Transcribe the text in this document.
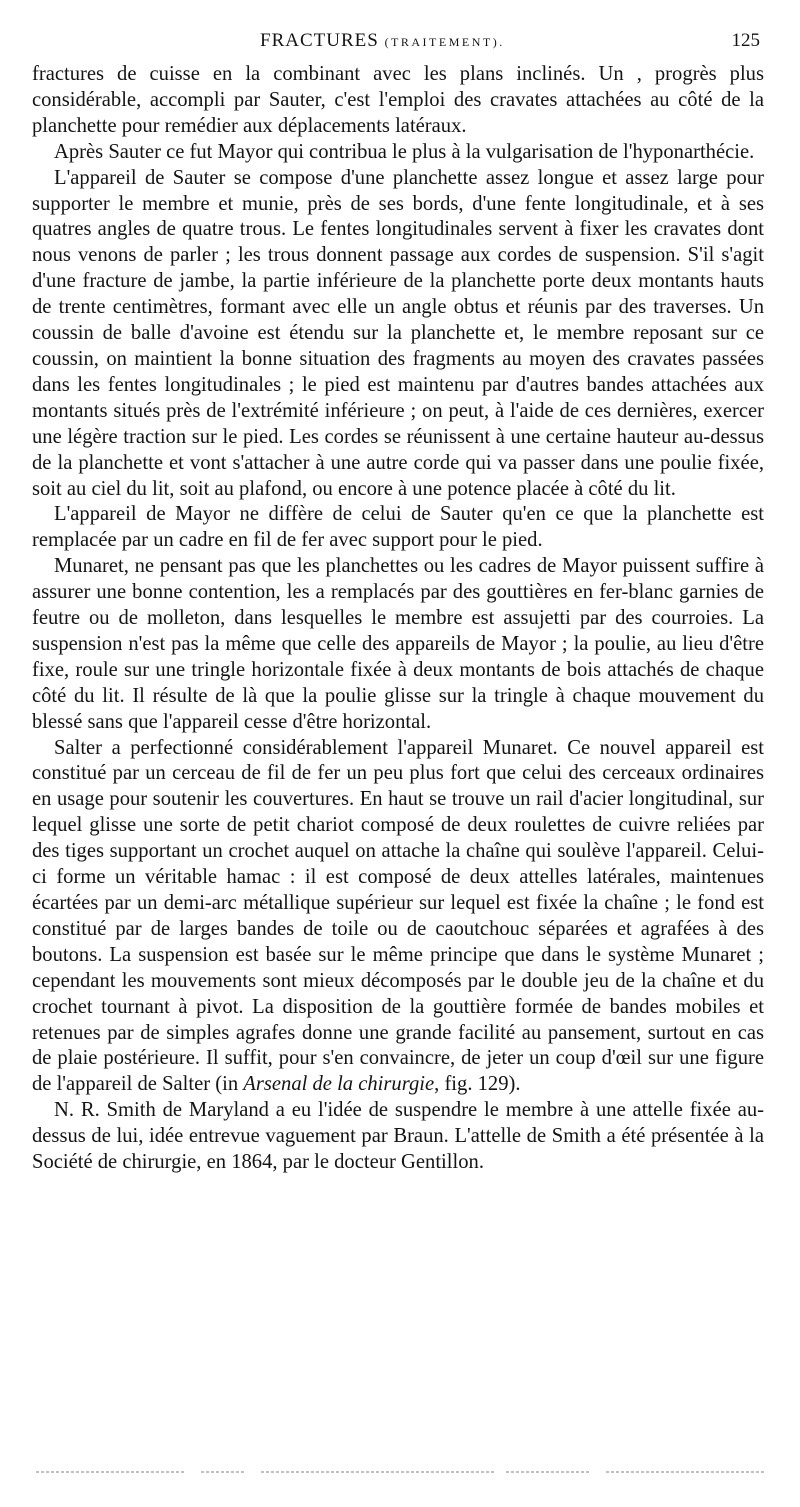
FRACTURES (TRAITEMENT).	125

fractures de cuisse en la combinant avec les plans inclinés. Un , progrès plus considérable, accompli par Sauter, c'est l'emploi des cravates attachées au côté de la planchette pour remédier aux déplacements latéraux.

Après Sauter ce fut Mayor qui contribua le plus à la vulgarisation de l'hyponarthécie.

L'appareil de Sauter se compose d'une planchette assez longue et assez large pour supporter le membre et munie, près de ses bords, d'une fente longitudinale, et à ses quatres angles de quatre trous. Le fentes longitudinales servent à fixer les cravates dont nous venons de parler ; les trous donnent passage aux cordes de suspension. S'il s'agit d'une fracture de jambe, la partie inférieure de la planchette porte deux montants hauts de trente centimètres, formant avec elle un angle obtus et réunis par des traverses. Un coussin de balle d'avoine est étendu sur la planchette et, le membre reposant sur ce coussin, on maintient la bonne situation des fragments au moyen des cravates passées dans les fentes longitudinales ; le pied est maintenu par d'autres bandes attachées aux montants situés près de l'extrémité inférieure ; on peut, à l'aide de ces dernières, exercer une légère traction sur le pied. Les cordes se réunissent à une certaine hauteur au-dessus de la planchette et vont s'attacher à une autre corde qui va passer dans une poulie fixée, soit au ciel du lit, soit au plafond, ou encore à une potence placée à côté du lit.

L'appareil de Mayor ne diffère de celui de Sauter qu'en ce que la planchette est remplacée par un cadre en fil de fer avec support pour le pied.

Munaret, ne pensant pas que les planchettes ou les cadres de Mayor puissent suffire à assurer une bonne contention, les a remplacés par des gouttières en fer-blanc garnies de feutre ou de molleton, dans lesquelles le membre est assujetti par des courroies. La suspension n'est pas la même que celle des appareils de Mayor ; la poulie, au lieu d'être fixe, roule sur une tringle horizontale fixée à deux montants de bois attachés de chaque côté du lit. Il résulte de là que la poulie glisse sur la tringle à chaque mouvement du blessé sans que l'appareil cesse d'être horizontal.

Salter a perfectionné considérablement l'appareil Munaret. Ce nouvel appareil est constitué par un cerceau de fil de fer un peu plus fort que celui des cerceaux ordinaires en usage pour soutenir les couvertures. En haut se trouve un rail d'acier longitudinal, sur lequel glisse une sorte de petit chariot composé de deux roulettes de cuivre reliées par des tiges supportant un crochet auquel on attache la chaîne qui soulève l'appareil. Celui-ci forme un véritable hamac : il est composé de deux attelles latérales, maintenues écartées par un demi-arc métallique supérieur sur lequel est fixée la chaîne ; le fond est constitué par de larges bandes de toile ou de caoutchouc séparées et agrafées à des boutons. La suspension est basée sur le même principe que dans le système Munaret ; cependant les mouvements sont mieux décomposés par le double jeu de la chaîne et du crochet tournant à pivot. La disposition de la gouttière formée de bandes mobiles et retenues par de simples agrafes donne une grande facilité au pansement, surtout en cas de plaie postérieure. Il suffit, pour s'en convaincre, de jeter un coup d'œil sur une figure de l'appareil de Salter (in Arsenal de la chirurgie, fig. 129).

N. R. Smith de Maryland a eu l'idée de suspendre le membre à une attelle fixée au-dessus de lui, idée entrevue vaguement par Braun. L'attelle de Smith a été présentée à la Société de chirurgie, en 1864, par le docteur Gentillon.
